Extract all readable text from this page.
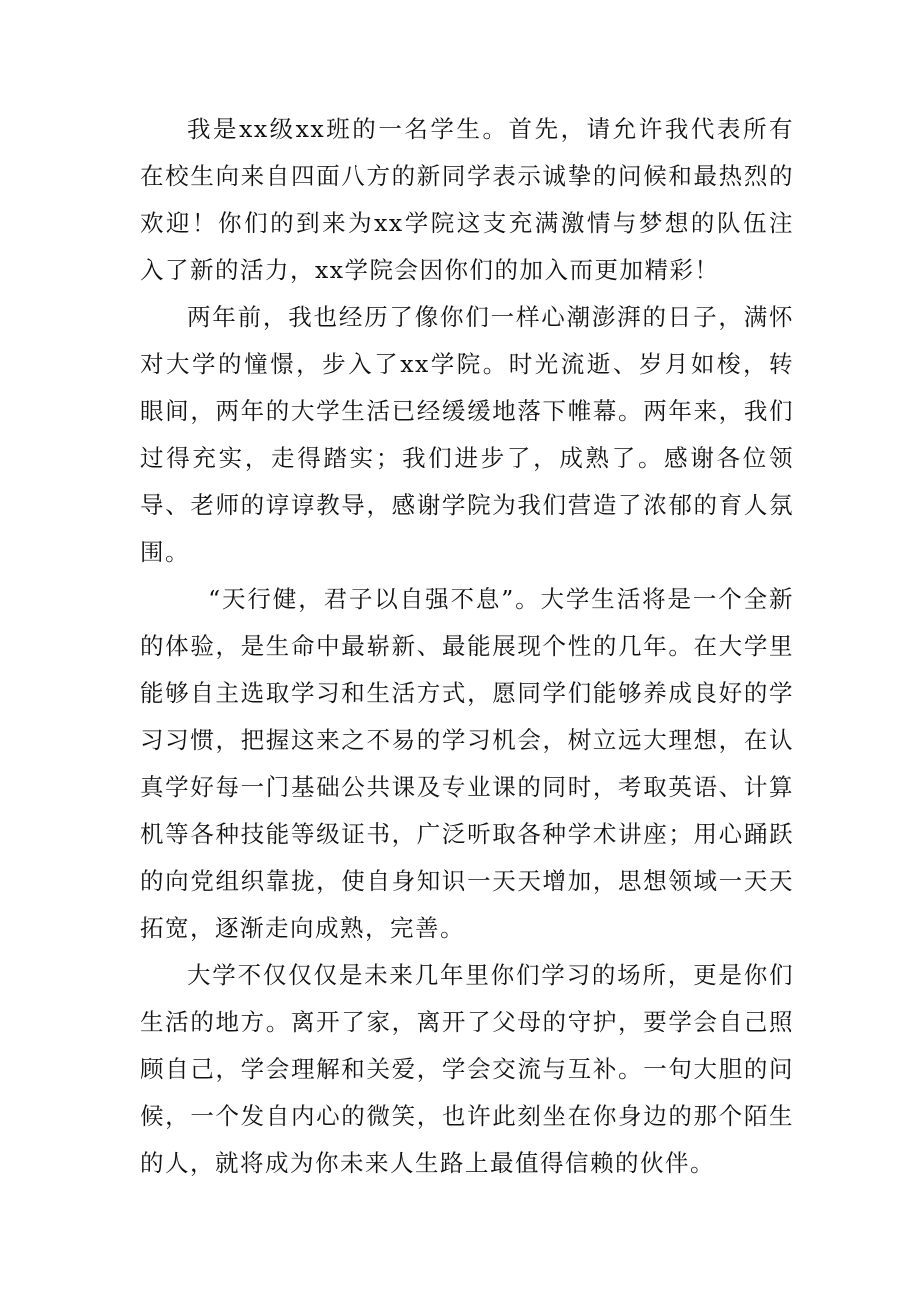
我是xx级xx班的一名学生。首先，请允许我代表所有在校生向来自四面八方的新同学表示诚挚的问候和最热烈的欢迎！你们的到来为xx学院这支充满激情与梦想的队伍注入了新的活力，xx学院会因你们的加入而更加精彩！

两年前，我也经历了像你们一样心潮澎湃的日子，满怀对大学的憧憬，步入了xx学院。时光流逝、岁月如梭，转眼间，两年的大学生活已经缓缓地落下帷幕。两年来，我们过得充实，走得踏实；我们进步了，成熟了。感谢各位领导、老师的谆谆教导，感谢学院为我们营造了浓郁的育人氛围。

“天行健，君子以自强不息”。大学生活将是一个全新的体验，是生命中最崭新、最能展现个性的几年。在大学里能够自主选取学习和生活方式，愿同学们能够养成良好的学习习惯，把握这来之不易的学习机会，树立远大理想，在认真学好每一门基础公共课及专业课的同时，考取英语、计算机等各种技能等级证书，广泛听取各种学术讲座；用心踊跃的向党组织靠拢，使自身知识一天天增加，思想领域一天天拓宽，逐渐走向成熟，完善。

大学不仅仅仅是未来几年里你们学习的场所，更是你们生活的地方。离开了家，离开了父母的守护，要学会自己照顾自己，学会理解和关爱，学会交流与互补。一句大胆的问候，一个发自内心的微笑，也许此刻坐在你身边的那个陌生的人，就将成为你未来人生路上最值得信赖的伙伴。
